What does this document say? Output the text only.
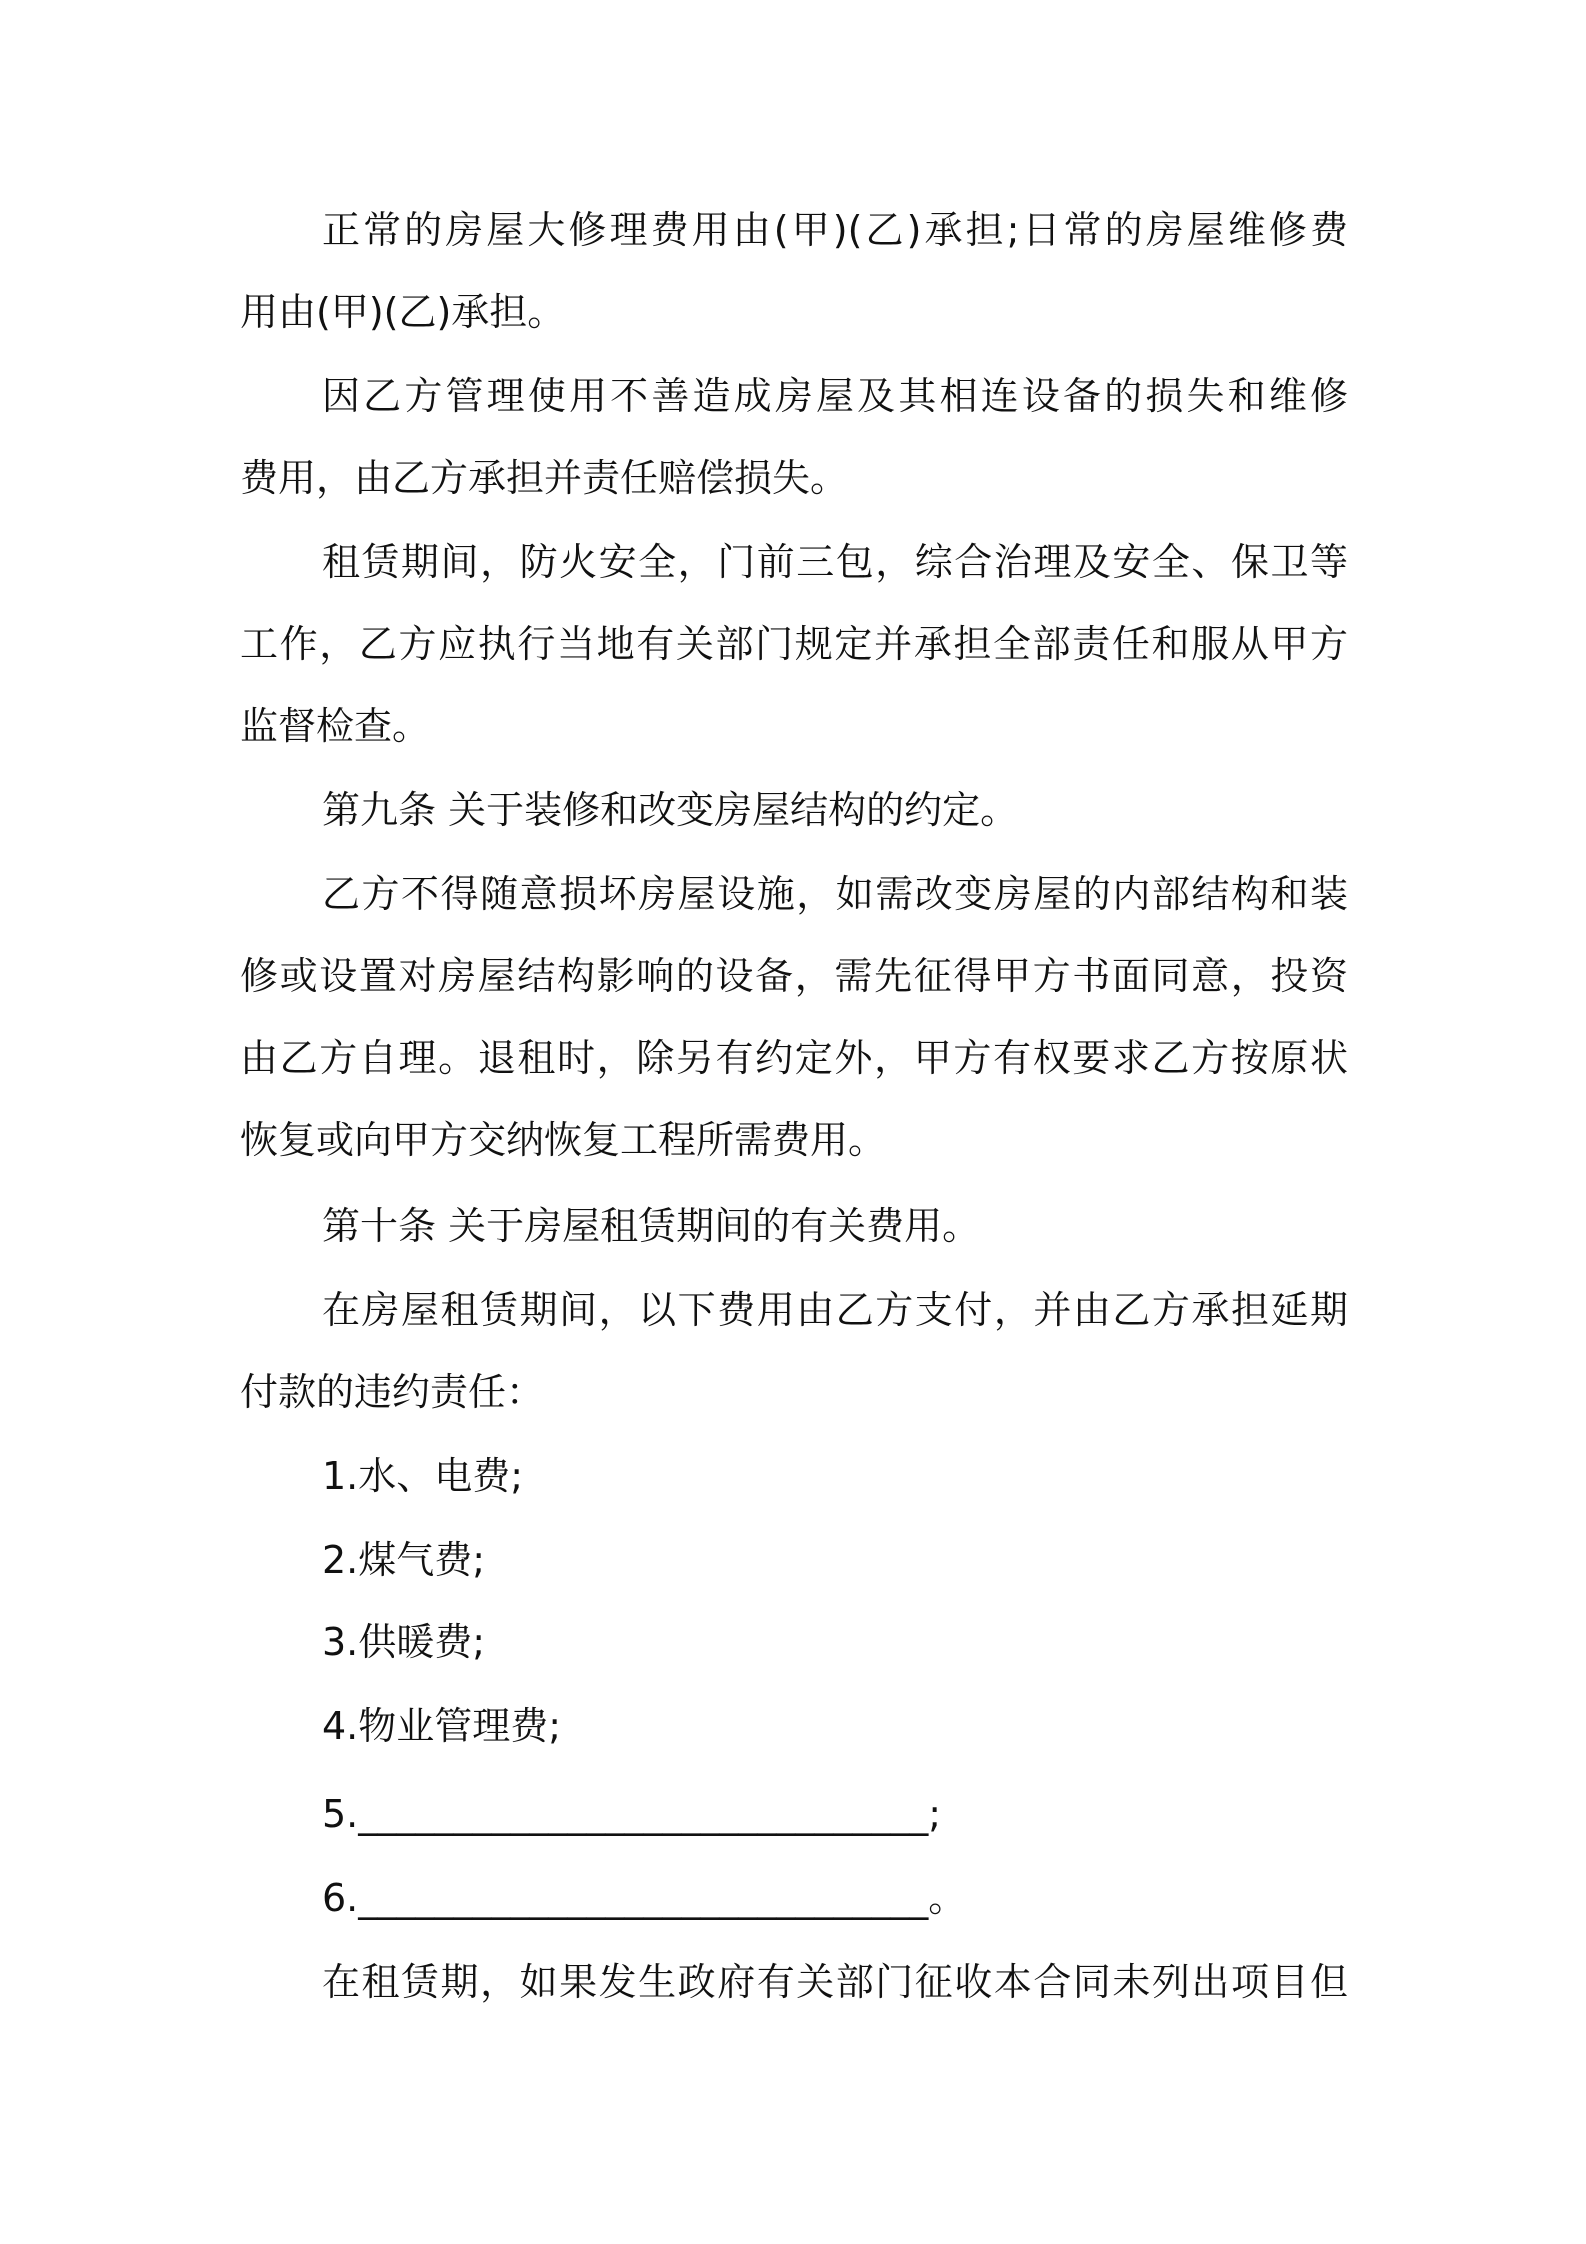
正常的房屋大修理费用由(甲)(乙)承担;日常的房屋维修费

用由(甲)(乙)承担。

因乙方管理使用不善造成房屋及其相连设备的损失和维修

费用，由乙方承担并责任赔偿损失。

租赁期间，防火安全，门前三包，综合治理及安全、保卫等

工作，乙方应执行当地有关部门规定并承担全部责任和服从甲方

监督检查。

第九条 关于装修和改变房屋结构的约定。

乙方不得随意损坏房屋设施，如需改变房屋的内部结构和装

修或设置对房屋结构影响的设备，需先征得甲方书面同意，投资

由乙方自理。退租时，除另有约定外，甲方有权要求乙方按原状

恢复或向甲方交纳恢复工程所需费用。

第十条 关于房屋租赁期间的有关费用。

在房屋租赁期间，以下费用由乙方支付，并由乙方承担延期

付款的违约责任：

1.水、电费;

2.煤气费;

3.供暖费;

4.物业管理费;

5.______________________________;

6.______________________________。

在租赁期，如果发生政府有关部门征收本合同未列出项目但
